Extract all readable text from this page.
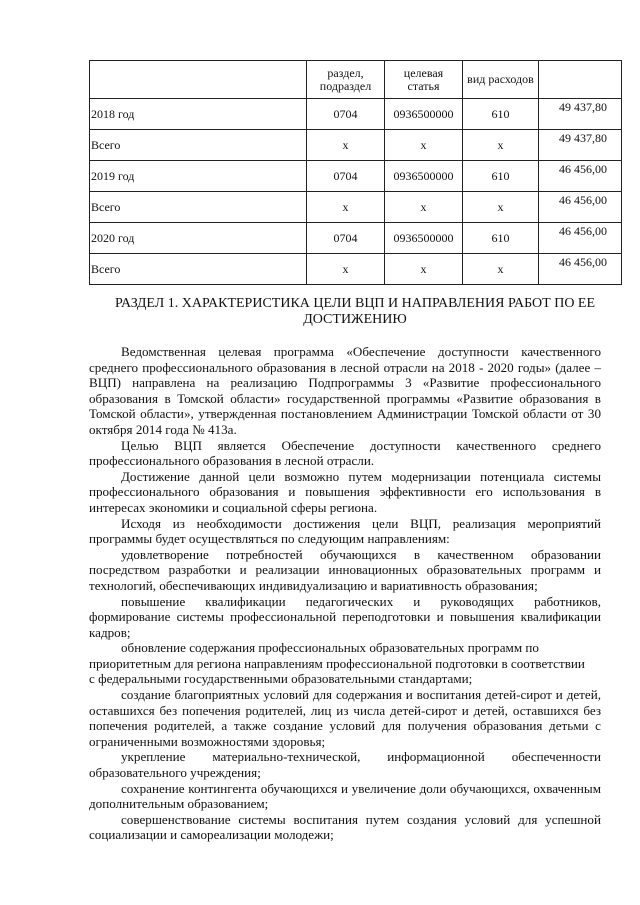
	раздел, подраздел	целевая статья	вид расходов	
2018 год	0704	0936500000	610	49 437,80
Всего	х	х	х	49 437,80
2019 год	0704	0936500000	610	46 456,00
Всего	х	х	х	46 456,00
2020 год	0704	0936500000	610	46 456,00
Всего	х	х	х	46 456,00
РАЗДЕЛ 1. ХАРАКТЕРИСТИКА ЦЕЛИ ВЦП И НАПРАВЛЕНИЯ РАБОТ ПО ЕЕ ДОСТИЖЕНИЮ

Ведомственная целевая программа «Обеспечение доступности качественного среднего профессионального образования в лесной отрасли на 2018 - 2020 годы» (далее – ВЦП) направлена на реализацию Подпрограммы 3 «Развитие профессионального образования в Томской области» государственной программы «Развитие образования в Томской области», утвержденная постановлением Администрации Томской области от 30 октября 2014 года № 413а.

Целью ВЦП является Обеспечение доступности качественного среднего профессионального образования в лесной отрасли.

Достижение данной цели возможно путем модернизации потенциала системы профессионального образования и повышения эффективности его использования в интересах экономики и социальной сферы региона.

Исходя из необходимости достижения цели ВЦП, реализация мероприятий программы будет осуществляться по следующим направлениям:

удовлетворение потребностей обучающихся в качественном образовании посредством разработки и реализации инновационных образовательных программ и технологий, обеспечивающих индивидуализацию и вариативность образования;

повышение квалификации педагогических и руководящих работников, формирование системы профессиональной переподготовки и повышения квалификации кадров;

обновление содержания профессиональных образовательных программ по приоритетным для региона направлениям профессиональной подготовки в соответствии

с федеральными государственными образовательными стандартами;

создание благоприятных условий для содержания и воспитания детей-сирот и детей, оставшихся без попечения родителей, лиц из числа детей-сирот и детей, оставшихся без попечения родителей, а также создание условий для получения образования детьми с ограниченными возможностями здоровья;

укрепление материально-технической, информационной обеспеченности образовательного учреждения;

сохранение контингента обучающихся и увеличение доли обучающихся, охваченным дополнительным образованием;

совершенствование системы воспитания путем создания условий для успешной социализации и самореализации молодежи;
